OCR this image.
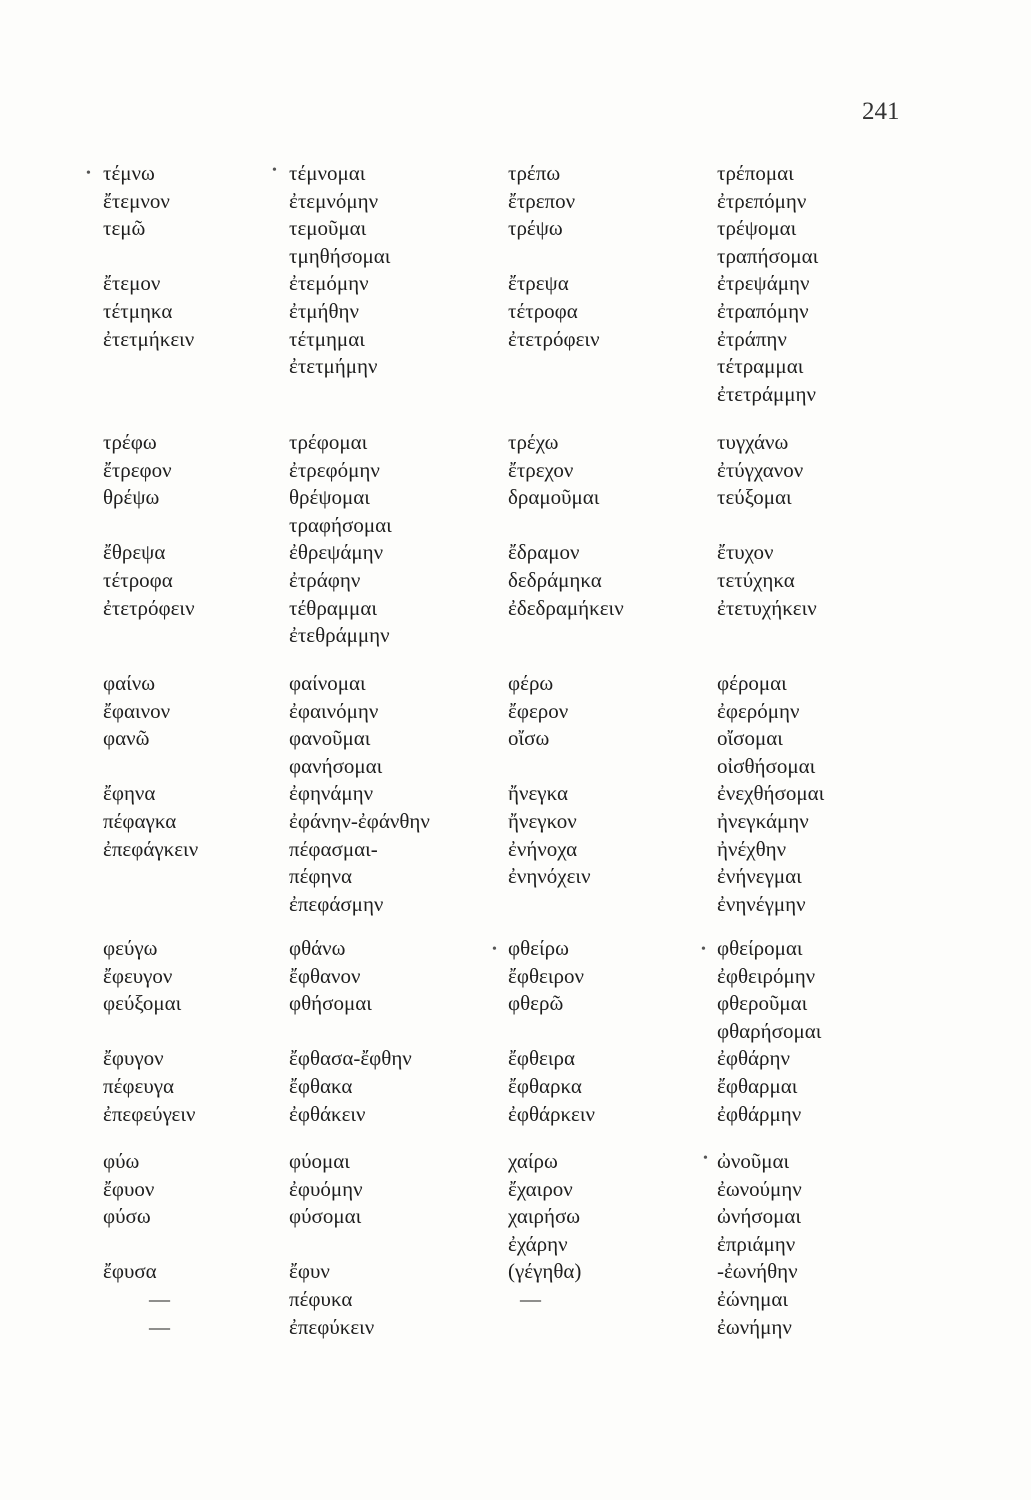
241
τέμνω
ἔτεμνον
τεμῶ
ἔτεμον
τέτμηκα
ἐτετμήκειν
τέμνομαι
ἐτεμνόμην
τεμοῦμαι
τμηθήσομαι
ἐτεμόμην
ἐτμήθην
τέτμημαι
ἐτετμήμην
τρέπω
ἔτρεπον
τρέψω
ἔτρεψα
τέτροφα
ἐτετρόφειν
τρέπομαι
ἐτρεπόμην
τρέψομαι
τραπήσομαι
ἐτρεψάμην
ἐτραπόμην
ἐτράπην
τέτραμμαι
ἐτετράμμην
τρέφω
ἔτρεφον
θρέψω
ἔθρεψα
τέτροφα
ἐτετρόφειν
τρέφομαι
ἐτρεφόμην
θρέψομαι
τραφήσομαι
ἐθρεψάμην
ἐτράφην
τέθραμμαι
ἐτεθράμμην
τρέχω
ἔτρεχον
δραμοῦμαι
ἔδραμον
δεδράμηκα
ἐδεδραμήκειν
τυγχάνω
ἐτύγχανον
τεύξομαι
ἔτυχον
τετύχηκα
ἐτετυχήκειν
φαίνω
ἔφαινον
φανῶ
ἔφηνα
πέφαγκα
ἐπεφάγκειν
φαίνομαι
ἐφαινόμην
φανοῦμαι
φανήσομαι
ἐφηνάμην
ἐφάνην-ἐφάνθην
πέφασμαι-
πέφηνα
ἐπεφάσμην
φέρω
ἔφερον
οἴσω
ἤνεγκα
ἤνεγκον
ἐνήνοχα
ἐνηνόχειν
φέρομαι
ἐφερόμην
οἴσομαι
οἰσθήσομαι
ἐνεχθήσομαι
ἠνεγκάμην
ἠνέχθην
ἐνήνεγμαι
ἐνηνέγμην
φεύγω
ἔφευγον
φεύξομαι
ἔφυγον
πέφευγα
ἐπεφεύγειν
φθάνω
ἔφθανον
φθήσομαι
ἔφθασα-ἔφθην
ἔφθακα
ἐφθάκειν
φθείρω
ἔφθειρον
φθερῶ
ἔφθειρα
ἔφθαρκα
ἐφθάρκειν
φθείρομαι
ἐφθειρόμην
φθεροῦμαι
φθαρήσομαι
ἐφθάρην
ἔφθαρμαι
ἐφθάρμην
φύω
ἔφυον
φύσω
ἔφυσα
—
—
φύομαι
ἐφυόμην
φύσομαι
ἔφυν
πέφυκα
ἐπεφύκειν
χαίρω
ἔχαιρον
χαιρήσω
ἐχάρην
(γέγηθα)
—
ὠνοῦμαι
ἐωνούμην
ὠνήσομαι
ἐπριάμην
-ἐωνήθην
ἐώνημαι
ἐωνήμην
•	•
•	•
•
